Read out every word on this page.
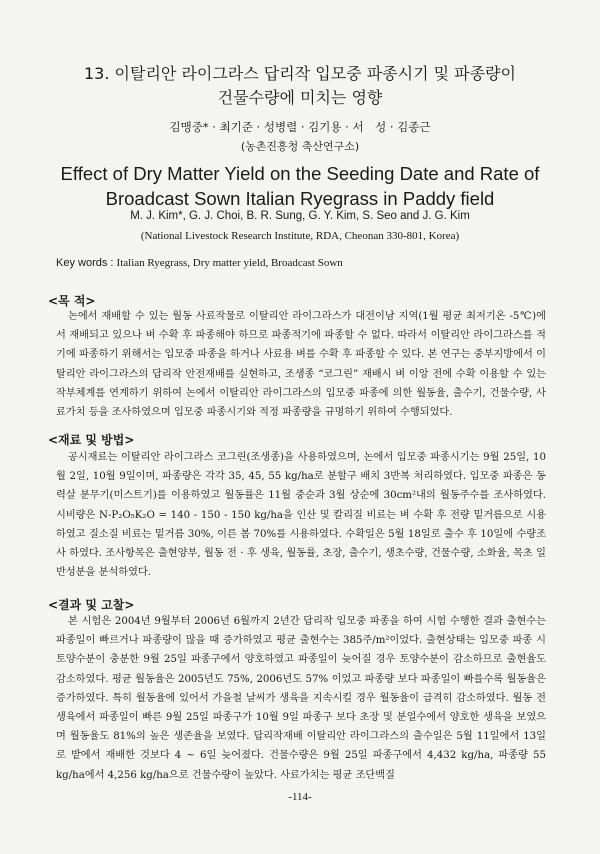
13. 이탈리안 라이그라스 답리작 입모중 파종시기 및 파종량이

건물수량에 미치는 영향

김맹중* · 최기준 · 성병렬 · 김기용 · 서　성 · 김종근
(농촌진흥청 축산연구소)
Effect of Dry Matter Yield on the Seeding Date and Rate of
Broadcast Sown Italian Ryegrass in Paddy field
M. J. Kim*, G. J. Choi, B. R. Sung, G. Y. Kim, S. Seo and J. G. Kim
(National Livestock Research Institute, RDA, Cheonan 330-801, Korea)
Key words : Italian Ryegrass, Dry matter yield, Broadcast Sown
<목 적>

논에서 재배할 수 있는 월동 사료작물로 이탈리안 라이그라스가 대전이남 지역(1월 평균 최저기온 -5℃)에서 재배되고 있으나 벼 수확 후 파종해야 하므로 파종적기에 파종할 수 없다. 따라서 이탈리안 라이그라스를 적기에 파종하기 위해서는 입모중 파종을 하거나 사료용 벼를 수확 후 파종할 수 있다. 본 연구는 중부지방에서 이탈리안 라이그라스의 답리작 안전재배를 실현하고, 조생종 “코그린” 재배시 벼 이앙 전에 수확 이용할 수 있는 작부체계를 연계하기 위하여 논에서 이탈리안 라이그라스의 입모중 파종에 의한 월동율, 출수기, 건물수량, 사료가치 등을 조사하였으며 입모중 파종시기와 적정 파종량을 규명하기 위하여 수행되었다.

<재료 및 방법>

공시재료는 이탈리안 라이그라스 코그린(조생종)을 사용하였으며, 논에서 입모중 파종시기는 9월 25일, 10월 2일, 10월 9일이며, 파종량은 각각 35, 45, 55 kg/ha로 분할구 배치 3반복 처리하였다. 입모중 파종은 동력살 분무기(미스트기)를 이용하였고 월동률은 11월 중순과 3월 상순에 30cm²내의 월동주수를 조사하였다. 시비량은 N-P₂O₅K₂O = 140 - 150 - 150 kg/ha을 인산 및 칼리질 비료는 벼 수확 후 전량 밑거름으로 시용하였고 질소질 비료는 밑거름 30%, 이른 봄 70%를 시용하였다. 수확일은 5월 18일로 출수 후 10일에 수량조사 하였다. 조사항목은 출현양부, 월동 전 · 후 생육, 월동률, 초장, 출수기, 생초수량, 건물수량, 소화율, 목초 일반성분을 분석하였다.

<결과 및 고찰>

본 시험은 2004년 9월부터 2006년 6월까지 2년간 답리작 입모중 파종을 하여 시험 수행한 결과 출현수는 파종일이 빠르거나 파종량이 많을 때 증가하였고 평균 출현수는 385주/m²이었다. 출현상태는 입모중 파종 시 토양수분이 충분한 9월 25일 파종구에서 양호하였고 파종일이 늦어질 경우 토양수분이 감소하므로 출현율도 감소하였다. 평균 월동율은 2005년도 75%, 2006년도 57% 이었고 파종량 보다 파종일이 빠를수록 월동율은 증가하였다. 특히 월동율에 있어서 가을철 날씨가 생육을 지속시킬 경우 월동율이 급격히 감소하였다. 월동 전 생육에서 파종일이 빠른 9월 25일 파종구가 10월 9일 파종구 보다 초장 및 분얼수에서 양호한 생육을 보였으며 월동율도 81%의 높은 생존율을 보였다. 답리작재배 이탈리안 라이그라스의 출수일은 5월 11일에서 13일로 밭에서 재배한 것보다 4 ~ 6일 늦어졌다. 건물수량은 9월 25일 파종구에서 4,432 kg/ha, 파종량 55 kg/ha에서 4,256 kg/ha으로 건물수량이 높았다. 사료가치는 평균 조단백질

-114-
